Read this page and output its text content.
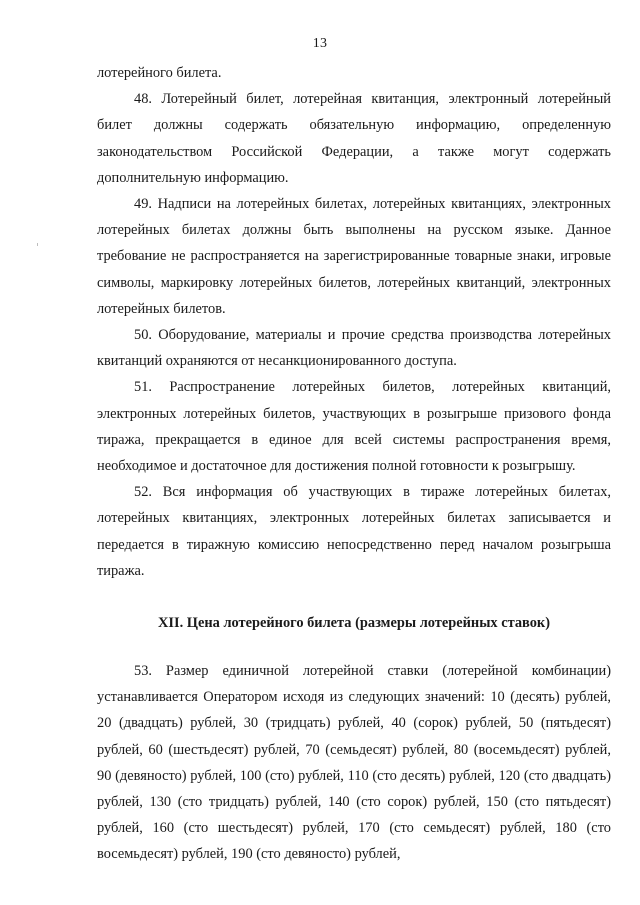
13

лотерейного билета.

48. Лотерейный билет, лотерейная квитанция, электронный лотерейный билет должны содержать обязательную информацию, определенную законодательством Российской Федерации, а также могут содержать дополнительную информацию.

49. Надписи на лотерейных билетах, лотерейных квитанциях, электронных лотерейных билетах должны быть выполнены на русском языке. Данное требование не распространяется на зарегистрированные товарные знаки, игровые символы, маркировку лотерейных билетов, лотерейных квитанций, электронных лотерейных билетов.

50. Оборудование, материалы и прочие средства производства лотерейных квитанций охраняются от несанкционированного доступа.

51. Распространение лотерейных билетов, лотерейных квитанций, электронных лотерейных билетов, участвующих в розыгрыше призового фонда тиража, прекращается в единое для всей системы распространения время, необходимое и достаточное для достижения полной готовности к розыгрышу.

52. Вся информация об участвующих в тираже лотерейных билетах, лотерейных квитанциях, электронных лотерейных билетах записывается и передается в тиражную комиссию непосредственно перед началом розыгрыша тиража.

XII. Цена лотерейного билета (размеры лотерейных ставок)

53. Размер единичной лотерейной ставки (лотерейной комбинации) устанавливается Оператором исходя из следующих значений: 10 (десять) рублей, 20 (двадцать) рублей, 30 (тридцать) рублей, 40 (сорок) рублей, 50 (пятьдесят) рублей, 60 (шестьдесят) рублей, 70 (семьдесят) рублей, 80 (восемьдесят) рублей, 90 (девяносто) рублей, 100 (сто) рублей, 110 (сто десять) рублей, 120 (сто двадцать) рублей, 130 (сто тридцать) рублей, 140 (сто сорок) рублей, 150 (сто пятьдесят) рублей, 160 (сто шестьдесят) рублей, 170 (сто семьдесят) рублей, 180 (сто восемьдесят) рублей, 190 (сто девяносто) рублей,
